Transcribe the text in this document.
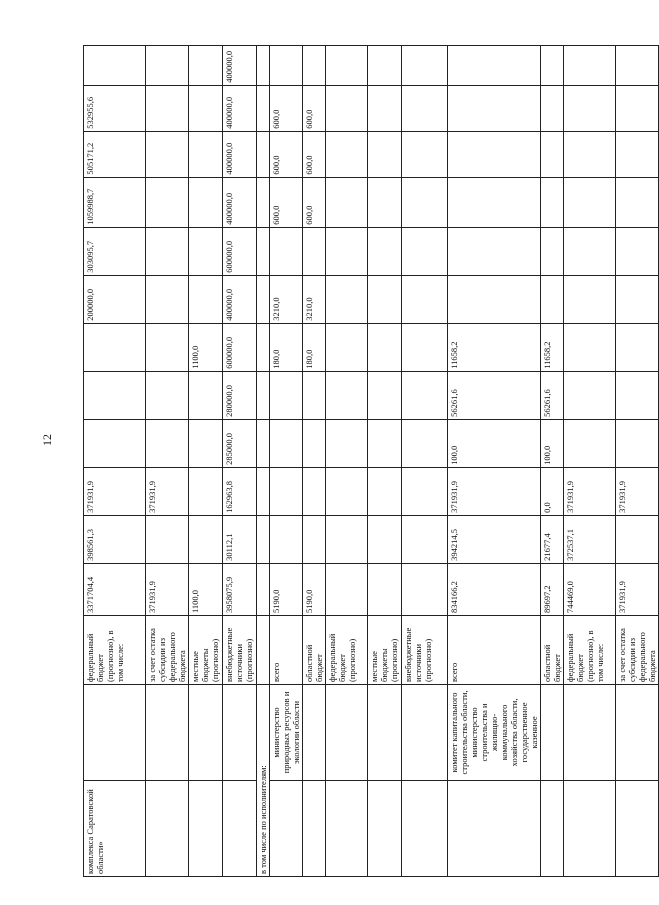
12
комплекса Саратовской области»		федеральный бюджет (прогнозно), в том числе:	3371704,4	398561,3	371931,9				200000,0	303095,7	1059988,7	505171,2	532955,6	
		за счет остатка субсидии из федерального бюджета	371931,9		371931,9									
		местные бюджеты (прогнозно)	1100,0					1100,0						
		внебюджетные источники (прогнозно)	3958075,9	30112,1	162963,8	285000,0	280000,0	600000,0	400000,0	600000,0	400000,0	400000,0	400000,0	400000,0
в том числе по исполнителям:														
	министерство природных ресурсов и экологии области	всего	5190,0					180,0	3210,0		600,0	600,0	600,0	
		областной бюджет	5190,0					180,0	3210,0		600,0	600,0	600,0	
		федеральный бюджет (прогнозно)												
		местные бюджеты (прогнозно)												
		внебюджетные источники (прогнозно)												
	комитет капитального строительства области, министерство строительства и жилищно-коммунального хозяйства области, государственное казенное	всего	834166,2	394214,5	371931,9	100,0	56261,6	11658,2						
		областной бюджет	89697,2	21677,4	0,0	100,0	56261,6	11658,2						
		федеральный бюджет (прогнозно), в том числе:	744469,0	372537,1	371931,9									
		за счет остатка субсидии из федерального бюджета	371931,9		371931,9									
